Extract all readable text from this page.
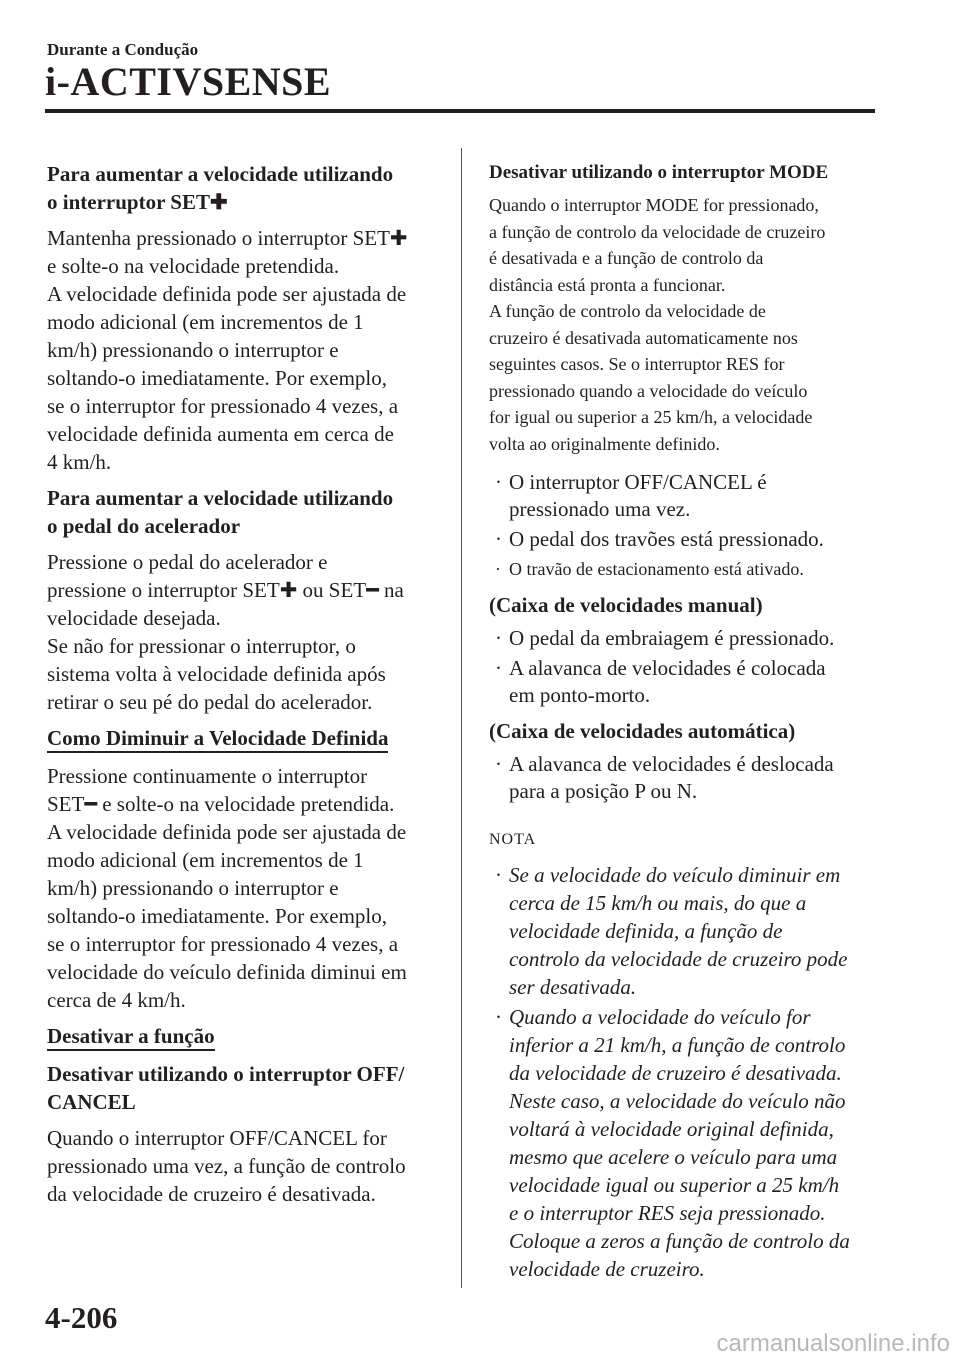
Durante a Condução
i-ACTIVSENSE
Para aumentar a velocidade utilizando
o interruptor SET✚
Mantenha pressionado o interruptor SET✚
e solte-o na velocidade pretendida.
A velocidade definida pode ser ajustada de
modo adicional (em incrementos de 1
km/h) pressionando o interruptor e
soltando-o imediatamente. Por exemplo,
se o interruptor for pressionado 4 vezes, a
velocidade definida aumenta em cerca de
4 km/h.
Para aumentar a velocidade utilizando
o pedal do acelerador
Pressione o pedal do acelerador e
pressione o interruptor SET✚ ou SET━ na
velocidade desejada.
Se não for pressionar o interruptor, o
sistema volta à velocidade definida após
retirar o seu pé do pedal do acelerador.
Como Diminuir a Velocidade Definida
Pressione continuamente o interruptor
SET━ e solte-o na velocidade pretendida.
A velocidade definida pode ser ajustada de
modo adicional (em incrementos de 1
km/h) pressionando o interruptor e
soltando-o imediatamente. Por exemplo,
se o interruptor for pressionado 4 vezes, a
velocidade do veículo definida diminui em
cerca de 4 km/h.
Desativar a função
Desativar utilizando o interruptor OFF/
CANCEL
Quando o interruptor OFF/CANCEL for
pressionado uma vez, a função de controlo
da velocidade de cruzeiro é desativada.
Desativar utilizando o interruptor MODE
Quando o interruptor MODE for pressionado,
a função de controlo da velocidade de cruzeiro
é desativada e a função de controlo da
distância está pronta a funcionar.
A função de controlo da velocidade de
cruzeiro é desativada automaticamente nos
seguintes casos. Se o interruptor RES for
pressionado quando a velocidade do veículo
for igual ou superior a 25 km/h, a velocidade
volta ao originalmente definido.
· O interruptor OFF/CANCEL é
pressionado uma vez.
· O pedal dos travões está pressionado.
· O travão de estacionamento está ativado.
(Caixa de velocidades manual)
· O pedal da embraiagem é pressionado.
· A alavanca de velocidades é colocada
em ponto-morto.
(Caixa de velocidades automática)
· A alavanca de velocidades é deslocada
para a posição P ou N.
NOTA
· Se a velocidade do veículo diminuir em
cerca de 15 km/h ou mais, do que a
velocidade definida, a função de
controlo da velocidade de cruzeiro pode
ser desativada.
· Quando a velocidade do veículo for
inferior a 21 km/h, a função de controlo
da velocidade de cruzeiro é desativada.
Neste caso, a velocidade do veículo não
voltará à velocidade original definida,
mesmo que acelere o veículo para uma
velocidade igual ou superior a 25 km/h
e o interruptor RES seja pressionado.
Coloque a zeros a função de controlo da
velocidade de cruzeiro.
4-206
carmanualsonline.info
